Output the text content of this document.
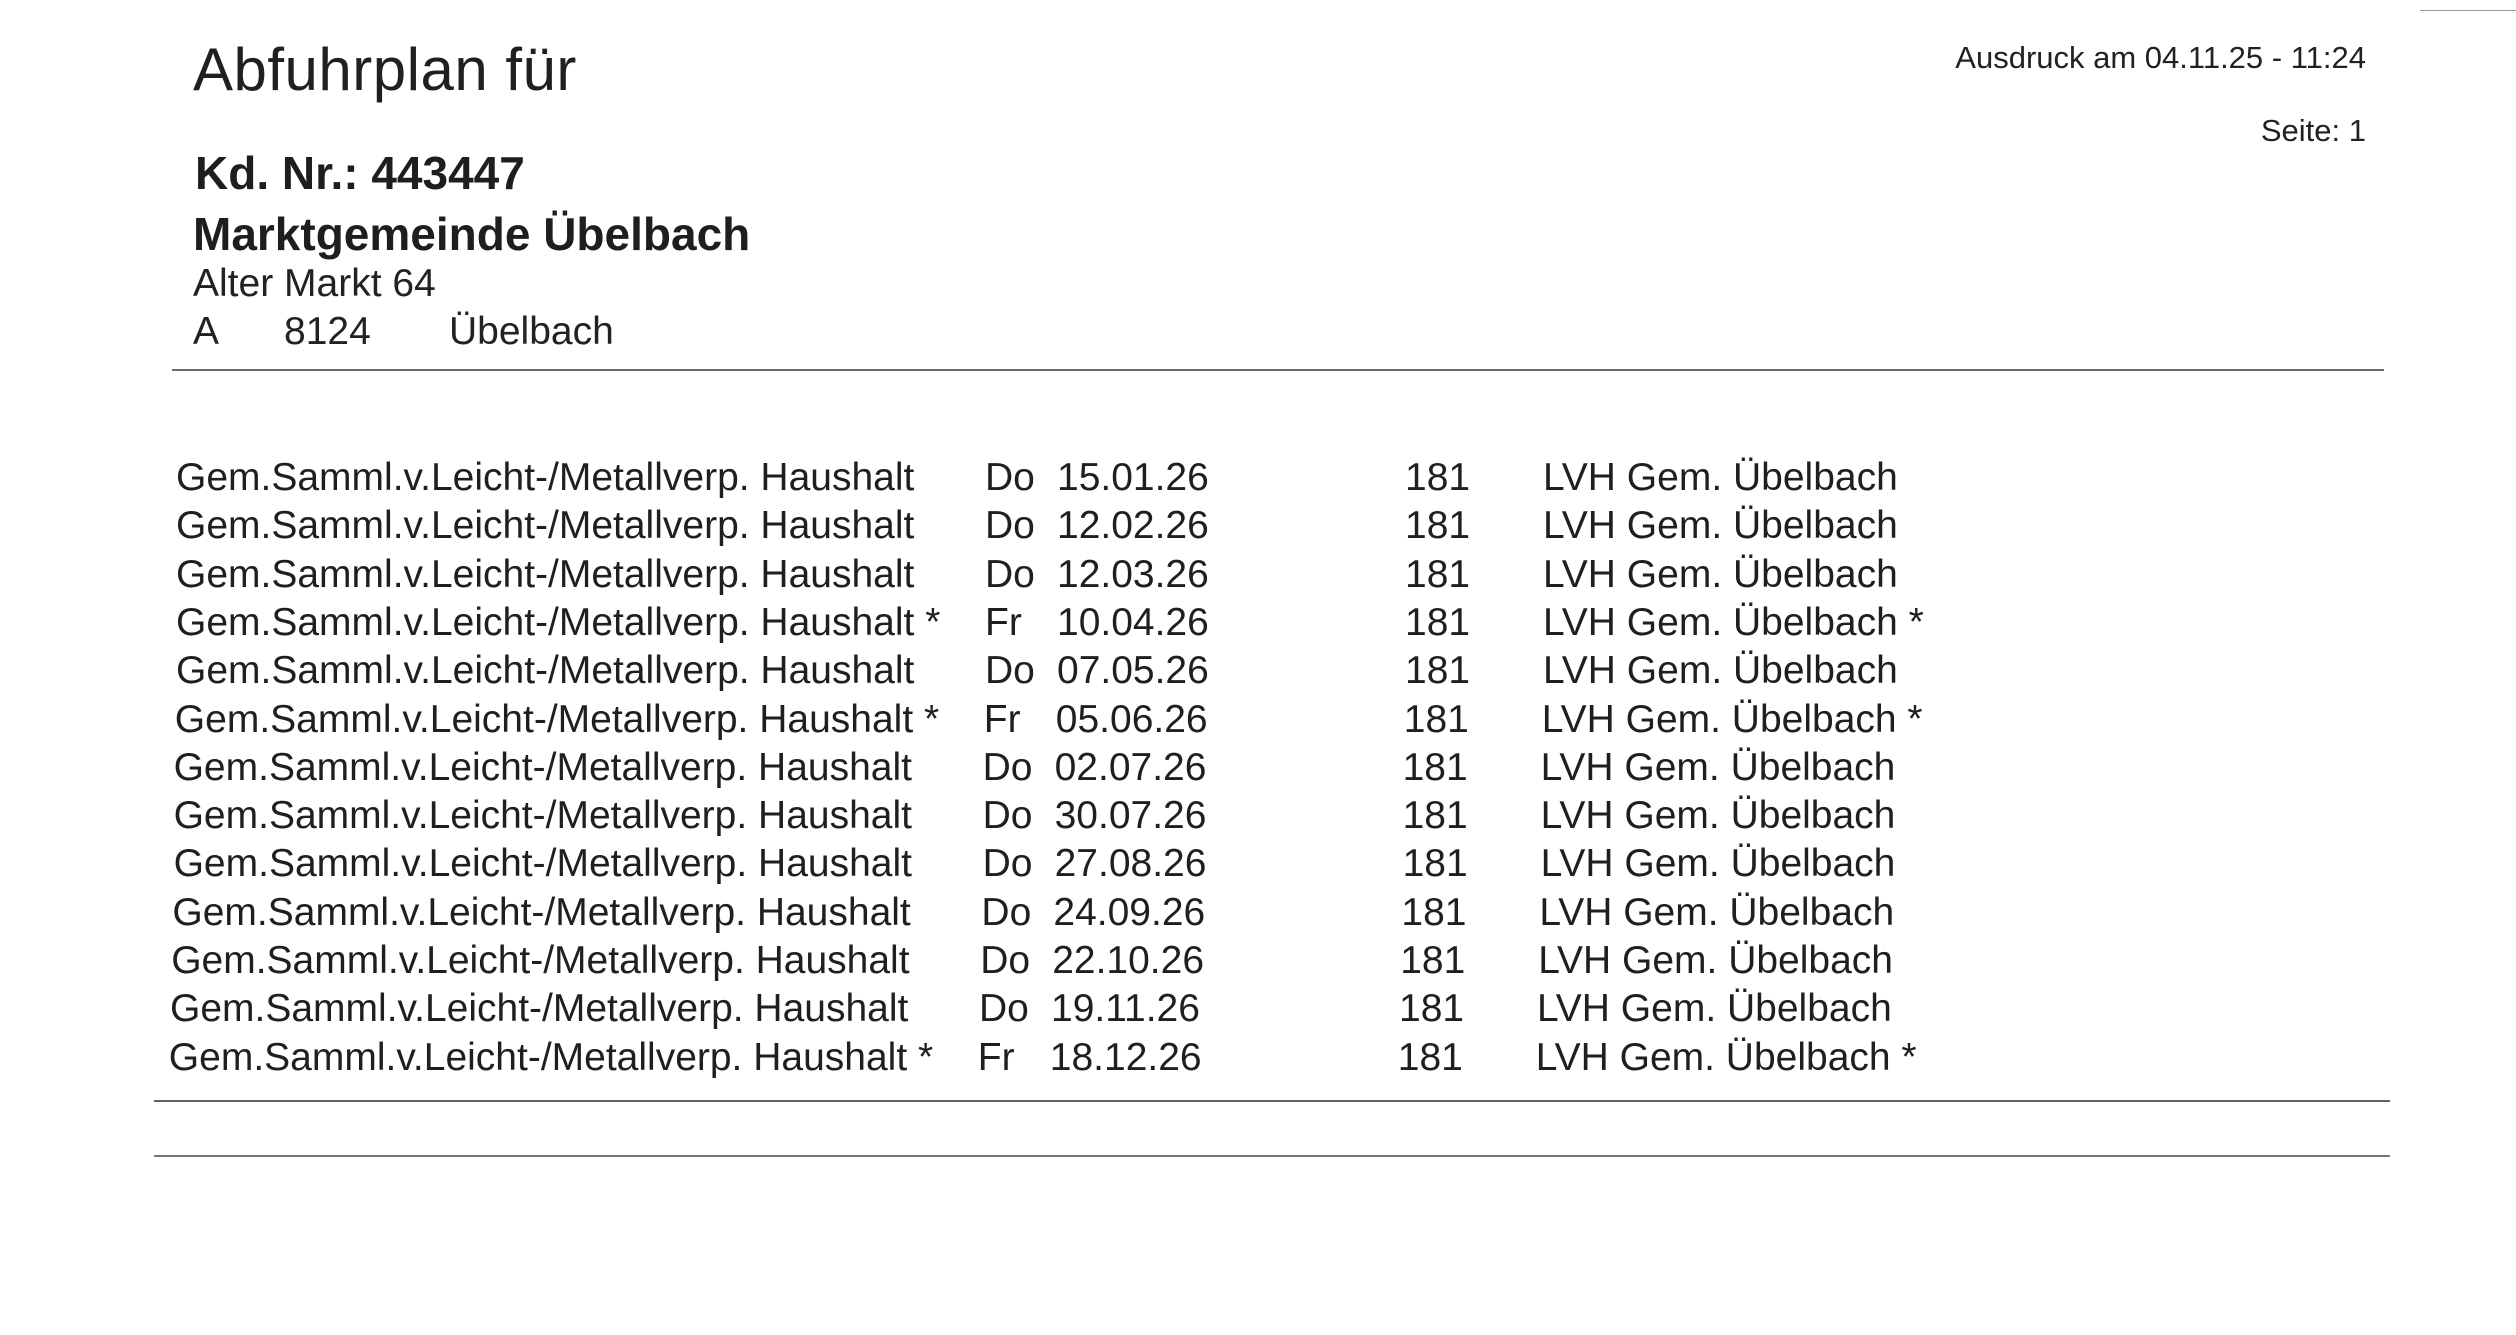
Abfuhrplan für	Ausdruck am 04.11.25 - 11:24
Seite: 1
Kd. Nr.: 443447
Marktgemeinde Übelbach
Alter Markt 64
A 8124 Übelbach
Gem.Samml.v.Leicht-/Metallverp. Haushalt Do 15.01.26	181 LVH Gem. Übelbach
Gem.Samml.v.Leicht-/Metallverp. Haushalt Do 12.02.26	181 LVH Gem. Übelbach
Gem.Samml.v.Leicht-/Metallverp. Haushalt Do 12.03.26	181 LVH Gem. Übelbach
Gem.Samml.v.Leicht-/Metallverp. Haushalt * Fr 10.04.26	181 LVH Gem. Übelbach *
Gem.Samml.v.Leicht-/Metallverp. Haushalt Do 07.05.26	181 LVH Gem. Übelbach
Gem.Samml.v.Leicht-/Metallverp. Haushalt * Fr 05.06.26	181 LVH Gem. Übelbach *
Gem.Samml.v.Leicht-/Metallverp. Haushalt Do 02.07.26	181 LVH Gem. Übelbach
Gem.Samml.v.Leicht-/Metallverp. Haushalt Do 30.07.26	181 LVH Gem. Übelbach
Gem.Samml.v.Leicht-/Metallverp. Haushalt Do 27.08.26	181 LVH Gem. Übelbach
Gem.Samml.v.Leicht-/Metallverp. Haushalt Do 24.09.26	181 LVH Gem. Übelbach
Gem.Samml.v.Leicht-/Metallverp. Haushalt Do 22.10.26	181 LVH Gem. Übelbach
Gem.Samml.v.Leicht-/Metallverp. Haushalt Do 19.11.26	181 LVH Gem. Übelbach
Gem.Samml.v.Leicht-/Metallverp. Haushalt * Fr 18.12.26	181 LVH Gem. Übelbach *
